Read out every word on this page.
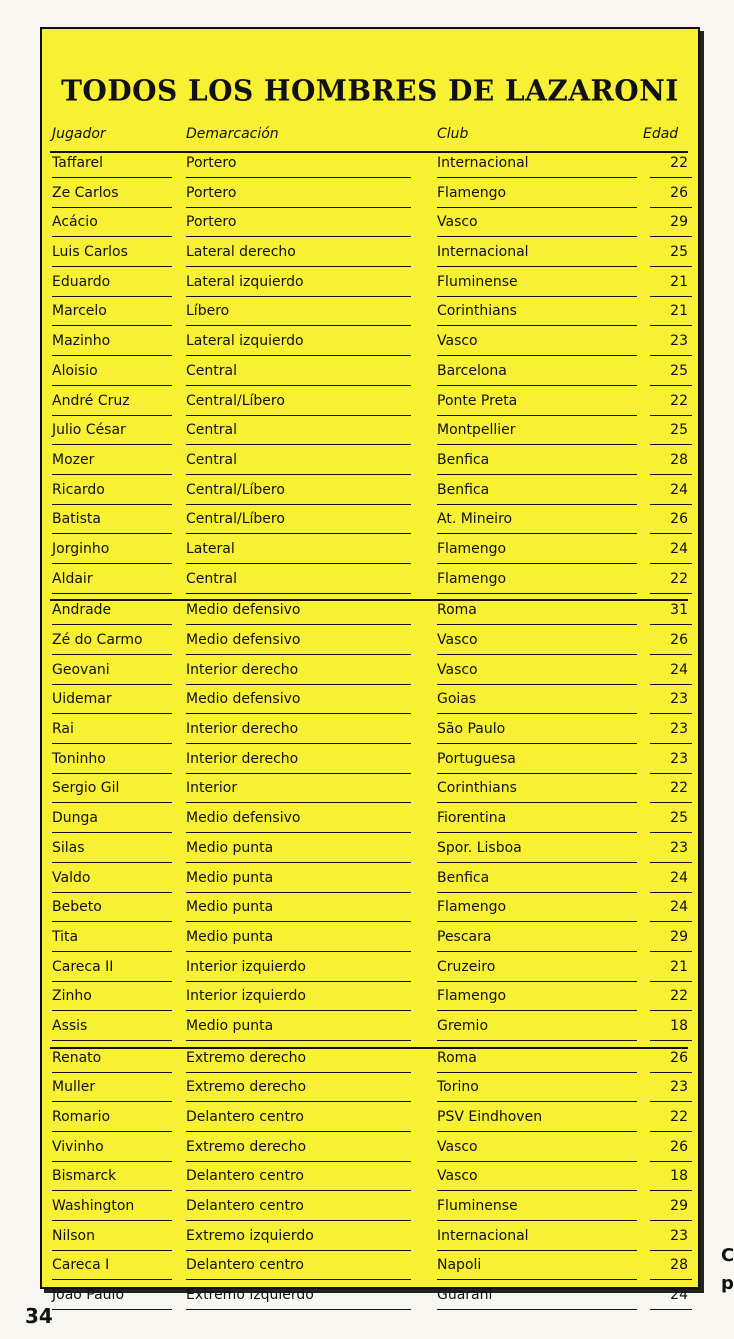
TODOS LOS HOMBRES DE LAZARONI
Jugador	Demarcación	Club	Edad
Taffarel	Portero	Internacional	22
Ze Carlos	Portero	Flamengo	26
Acácio	Portero	Vasco	29
Luis Carlos	Lateral derecho	Internacional	25
Eduardo	Lateral izquierdo	Fluminense	21
Marcelo	Líbero	Corinthians	21
Mazinho	Lateral izquierdo	Vasco	23
Aloisio	Central	Barcelona	25
André Cruz	Central/Líbero	Ponte Preta	22
Julio César	Central	Montpellier	25
Mozer	Central	Benfica	28
Ricardo	Central/Líbero	Benfica	24
Batista	Central/Líbero	At. Mineiro	26
Jorginho	Lateral	Flamengo	24
Aldair	Central	Flamengo	22
Andrade	Medio defensivo	Roma	31
Zé do Carmo	Medio defensivo	Vasco	26
Geovani	Interior derecho	Vasco	24
Uidemar	Medio defensivo	Goias	23
Rai	Interior derecho	São Paulo	23
Toninho	Interior derecho	Portuguesa	23
Sergio Gil	Interior	Corinthians	22
Dunga	Medio defensivo	Fiorentina	25
Silas	Medio punta	Spor. Lisboa	23
Valdo	Medio punta	Benfica	24
Bebeto	Medio punta	Flamengo	24
Tita	Medio punta	Pescara	29
Careca II	Interior izquierdo	Cruzeiro	21
Zinho	Interior izquierdo	Flamengo	22
Assis	Medio punta	Gremio	18
Renato	Extremo derecho	Roma	26
Muller	Extremo derecho	Torino	23
Romario	Delantero centro	PSV Eindhoven	22
Vivinho	Extremo derecho	Vasco	26
Bismarck	Delantero centro	Vasco	18
Washington	Delantero centro	Fluminense	29
Nilson	Extremo izquierdo	Internacional	23
Careca I	Delantero centro	Napoli	28
Joao Paulo	Extremo izquierdo	Guaraní	24
34
C
p
